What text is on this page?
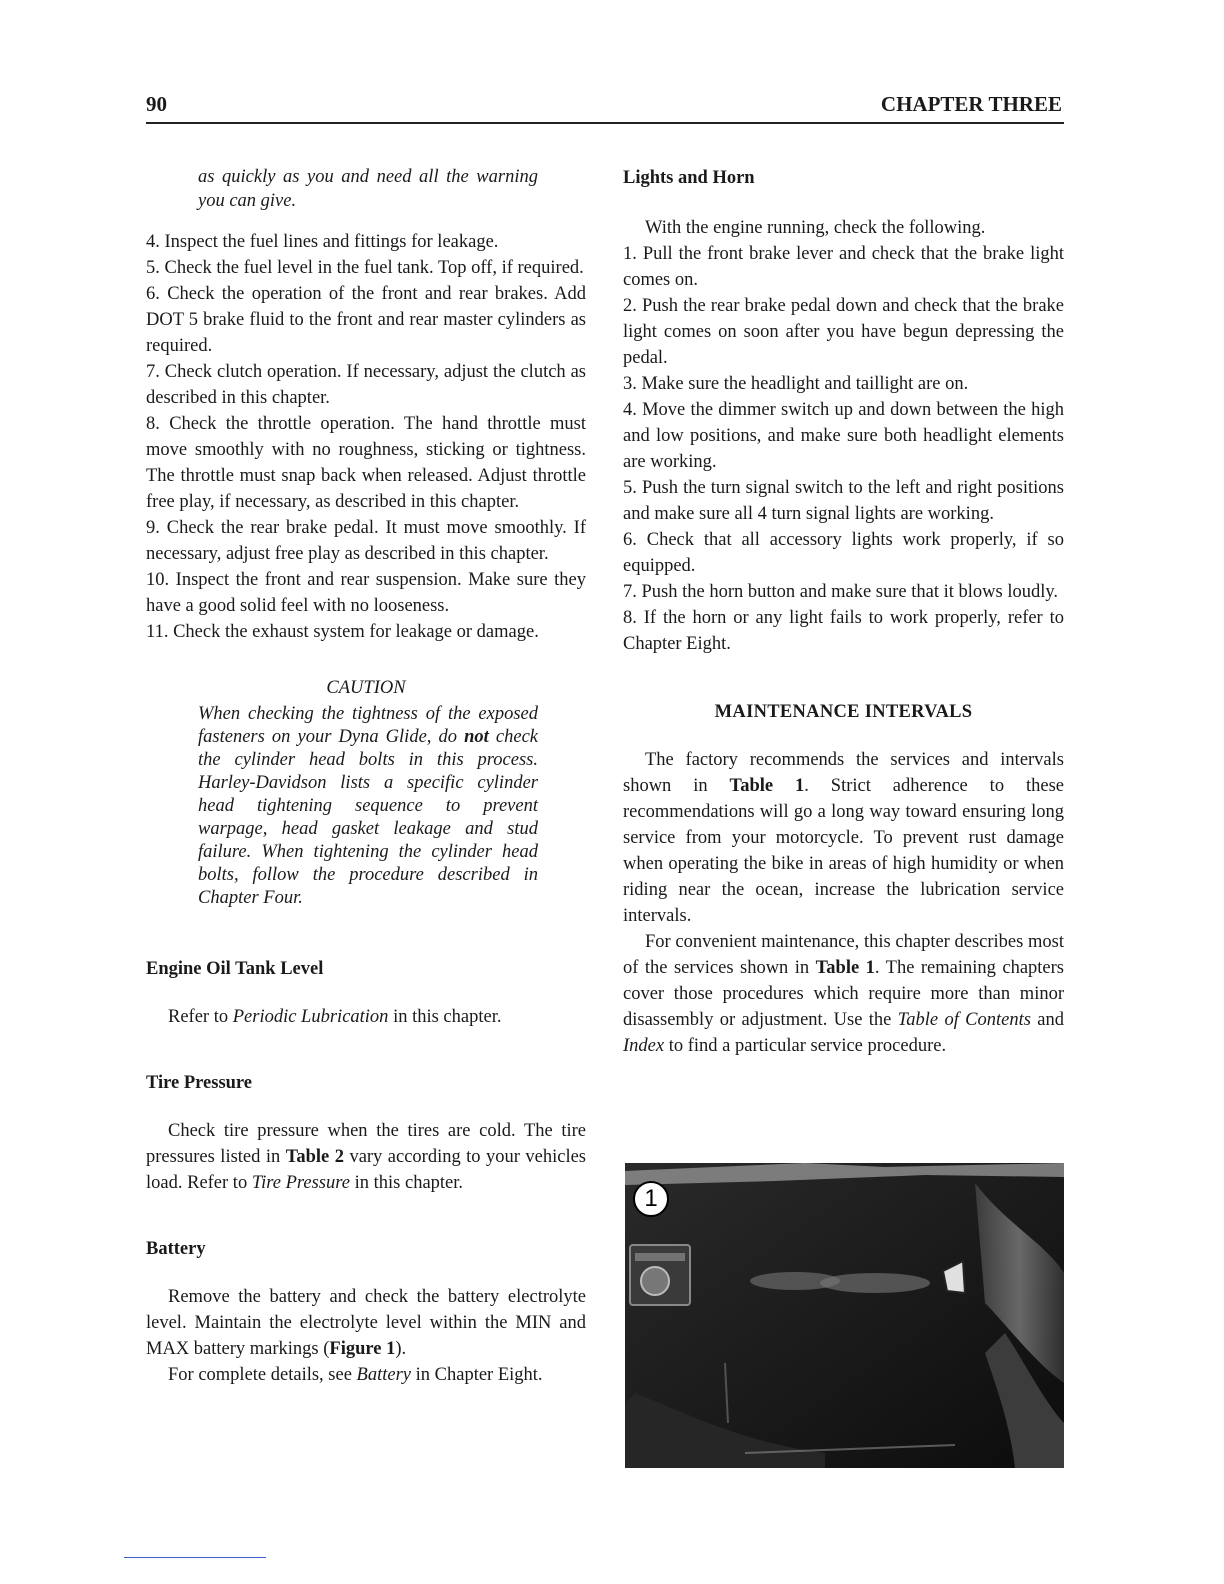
90	CHAPTER THREE

as quickly as you and need all the warning you can give.

4. Inspect the fuel lines and fittings for leakage.

5. Check the fuel level in the fuel tank. Top off, if required.

6. Check the operation of the front and rear brakes. Add DOT 5 brake fluid to the front and rear master cylinders as required.

7. Check clutch operation. If necessary, adjust the clutch as described in this chapter.

8. Check the throttle operation. The hand throttle must move smoothly with no roughness, sticking or tightness. The throttle must snap back when released. Adjust throttle free play, if necessary, as described in this chapter.

9. Check the rear brake pedal. It must move smoothly. If necessary, adjust free play as described in this chapter.

10. Inspect the front and rear suspension. Make sure they have a good solid feel with no looseness.

11. Check the exhaust system for leakage or damage.

CAUTION

When checking the tightness of the exposed fasteners on your Dyna Glide, do not check the cylinder head bolts in this process. Harley-Davidson lists a specific cylinder head tightening sequence to prevent warpage, head gasket leakage and stud failure. When tightening the cylinder head bolts, follow the procedure described in Chapter Four.

Engine Oil Tank Level

Refer to Periodic Lubrication in this chapter.

Tire Pressure

Check tire pressure when the tires are cold. The tire pressures listed in Table 2 vary according to your vehicles load. Refer to Tire Pressure in this chapter.

Battery

Remove the battery and check the battery electrolyte level. Maintain the electrolyte level within the MIN and MAX battery markings (Figure 1).

For complete details, see Battery in Chapter Eight.

Lights and Horn

With the engine running, check the following.

1. Pull the front brake lever and check that the brake light comes on.

2. Push the rear brake pedal down and check that the brake light comes on soon after you have begun depressing the pedal.

3. Make sure the headlight and taillight are on.

4. Move the dimmer switch up and down between the high and low positions, and make sure both headlight elements are working.

5. Push the turn signal switch to the left and right positions and make sure all 4 turn signal lights are working.

6. Check that all accessory lights work properly, if so equipped.

7. Push the horn button and make sure that it blows loudly.

8. If the horn or any light fails to work properly, refer to Chapter Eight.

MAINTENANCE INTERVALS

The factory recommends the services and intervals shown in Table 1. Strict adherence to these recommendations will go a long way toward ensuring long service from your motorcycle. To prevent rust damage when operating the bike in areas of high humidity or when riding near the ocean, increase the lubrication service intervals.

For convenient maintenance, this chapter describes most of the services shown in Table 1. The remaining chapters cover those procedures which require more than minor disassembly or adjustment. Use the Table of Contents and Index to find a particular service procedure.

1
